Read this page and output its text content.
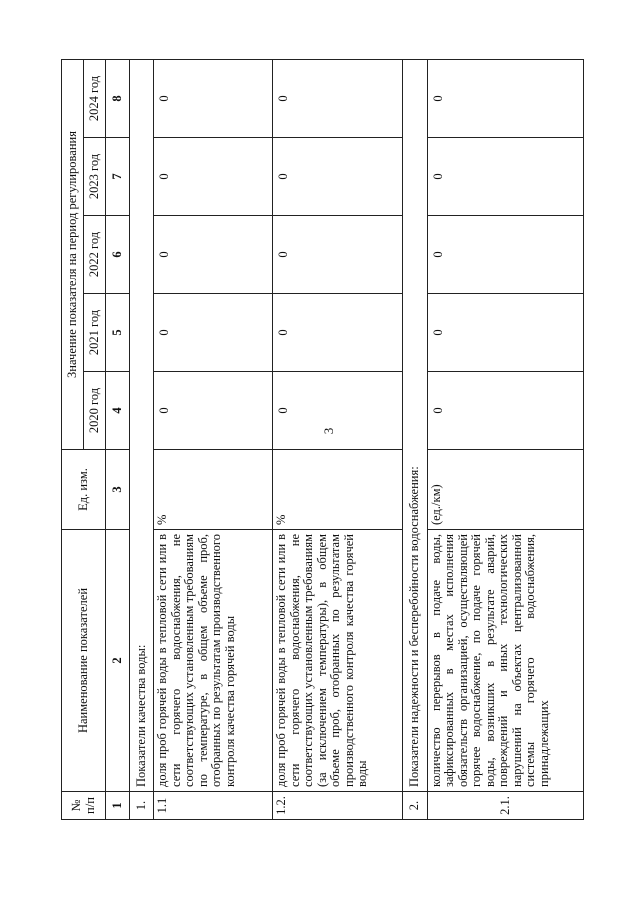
3
№ п/п	Наименование показателей	Ед. изм.	Значение показателя на период регулирования				
			2020 год	2021 год	2022 год	2023 год	2024 год
1	2	3	4	5	6	7	8
1.	Показатели качества воды:						
1.1	доля проб горячей воды в тепловой сети или в сети горячего водоснабжения, не соответствующих установленным требованиям по температуре, в общем объеме проб, отобранных по результатам производственного контроля качества горячей воды	%	0	0	0	0	0
1.2.	доля проб горячей воды в тепловой сети или в сети горячего водоснабжения, не соответствующих установленным требованиям (за исключением температуры), в общем объеме проб, отобранных по результатам производственного контроля качества горячей воды	%	0	0	0	0	0
2.	Показатели надежности и бесперебойности водоснабжения:						
2.1.	количество перерывов в подаче воды, зафиксированных в местах исполнения обязательств организацией, осуществляющей горячее водоснабжение, по подаче горячей воды, возникших в результате аварий, повреждений и иных технологических нарушений на объектах централизованной системы горячего водоснабжения, принадлежащих	(ед./км)	0	0	0	0	0
